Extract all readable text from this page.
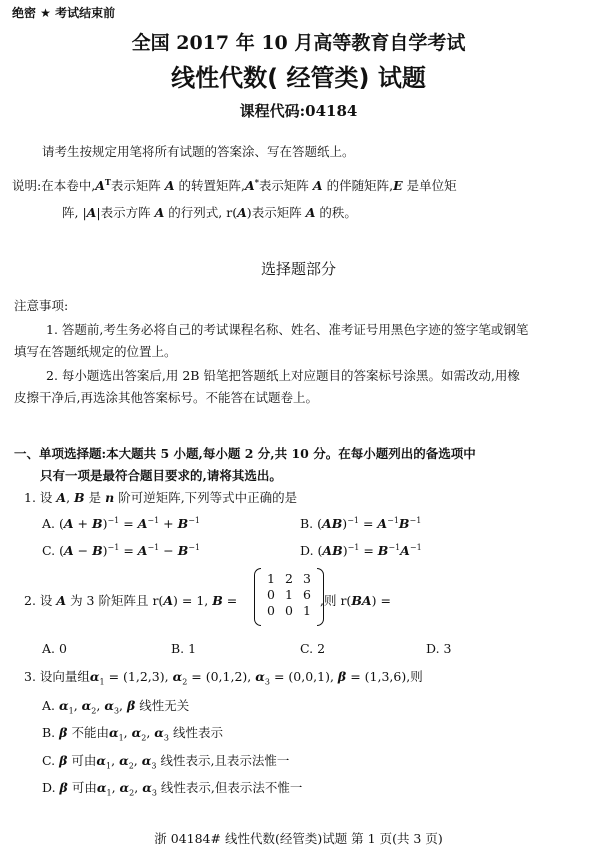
绝密 ★ 考试结束前
全国 2017 年 10 月高等教育自学考试
线性代数( 经管类) 试题
课程代码:04184
请考生按规定用笔将所有试题的答案涂、写在答题纸上。
说明:在本卷中$,A^T$表示矩阵 A 的转置矩阵,A*表示矩阵 A 的伴随矩阵,E 是单位矩
阵, |A|表示方阵 A 的行列式, r(A)表示矩阵 A 的秩。
选择题部分
注意事项:
1. 答题前,考生务必将自己的考试课程名称、姓名、准考证号用黑色字迹的签字笔或钢笔
填写在答题纸规定的位置上。
2. 每小题选出答案后,用 2B 铅笔把答题纸上对应题目的答案标号涂黑。如需改动,用橡
皮擦干净后,再选涂其他答案标号。不能答在试题卷上。
一、单项选择题:本大题共 5 小题,每小题 2 分,共 10 分。在每小题列出的备选项中
只有一项是最符合题目要求的,请将其选出。
1. 设 A, B 是 n 阶可逆矩阵,下列等式中正确的是
A. $(A + B)^{-1} = A^{-1} + B^{-1}$	B. $(AB)^{-1} = A^{-1}B^{-1}$
C. $(A - B)^{-1} = A^{-1} - B^{-1}$	D. $(AB)^{-1} = B^{-1}A^{-1}$
2. 设 A 为 3 阶矩阵且 r(A) = 1, B =
1 2 3
0 1 6
0 0 1
,则 r(BA) =
A. 0	B. 1	C. 2	D. 3
3. 设向量组$\alpha_1 = (1,2,3)$, $\alpha_2 = (0,1,2)$, $\alpha_3 = (0,0,1)$, β = (1,3,6),则
A. $\alpha_1$, $\alpha_2$, $\alpha_3$, β 线性无关
B. β 不能由$\alpha_1$, $\alpha_2$, $\alpha_3$ 线性表示
C. β 可由$\alpha_1$, $\alpha_2$, $\alpha_3$ 线性表示,且表示法惟一
D. β 可由$\alpha_1$, $\alpha_2$, $\alpha_3$ 线性表示,但表示法不惟一
浙 04184# 线性代数(经管类)试题 第 1 页(共 3 页)
